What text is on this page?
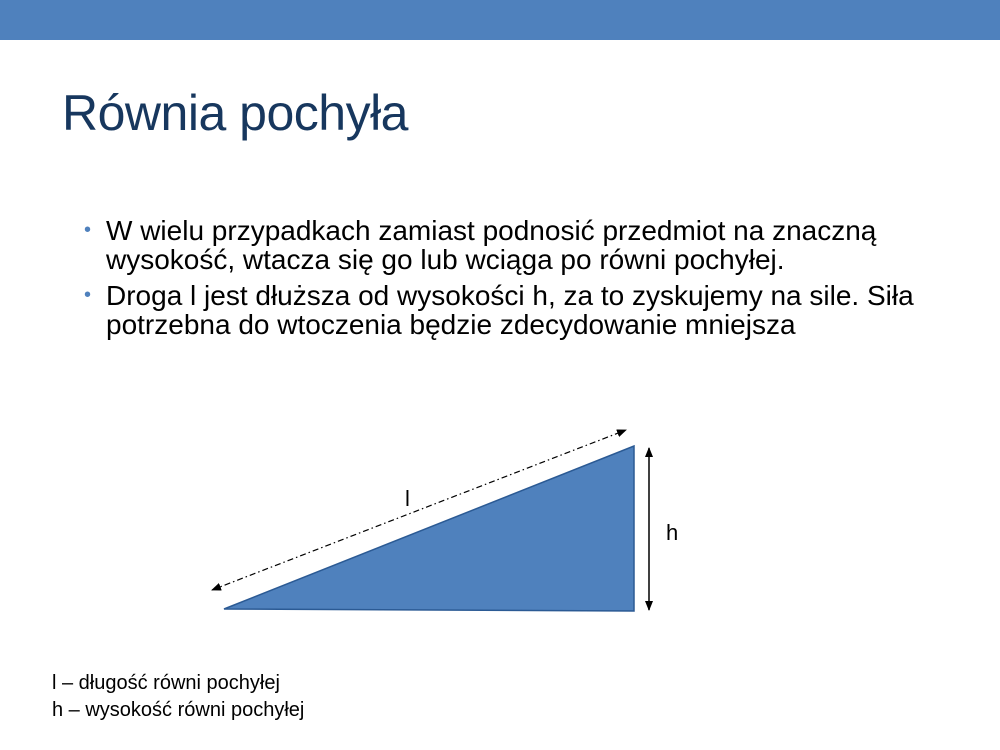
Równia pochyła
• W wielu przypadkach zamiast podnosić przedmiot na znaczną wysokość, wtacza się go lub wciąga po równi pochyłej.
• Droga l jest dłuższa od wysokości h, za to zyskujemy na sile. Siła potrzebna do wtoczenia będzie zdecydowanie mniejsza
l
h
l – długość równi pochyłej
h – wysokość równi pochyłej
